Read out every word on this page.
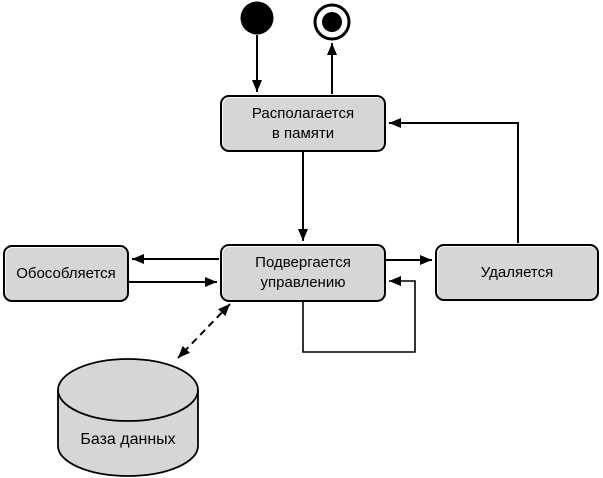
Располагается
в памяти
Подвергается
управлению
Обособляется	Удаляется
База данных
